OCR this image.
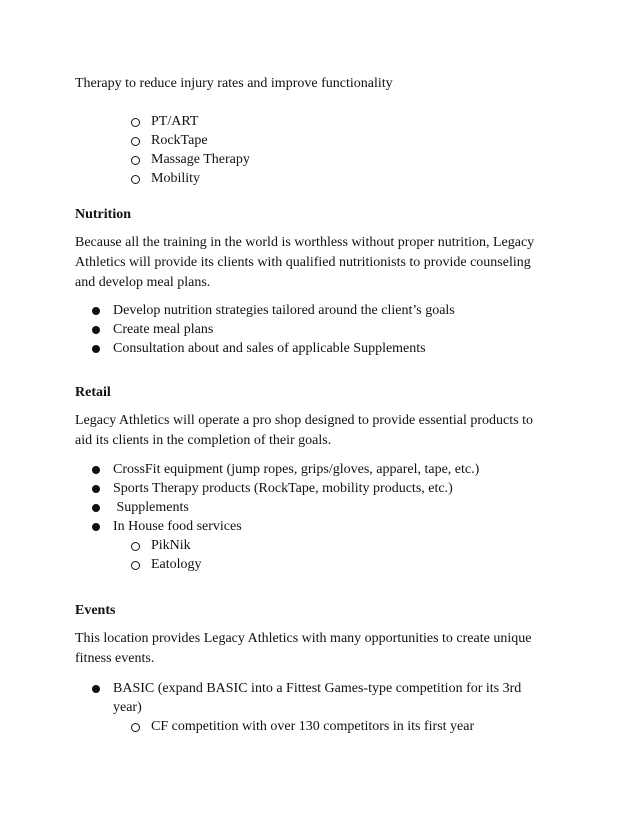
Therapy to reduce injury rates and improve functionality
PT/ART
RockTape
Massage Therapy
Mobility
Nutrition
Because all the training in the world is worthless without proper nutrition, Legacy
Athletics will provide its clients with qualified nutritionists to provide counseling
and develop meal plans.
Develop nutrition strategies tailored around the client’s goals
Create meal plans
Consultation about and sales of applicable Supplements
Retail
Legacy Athletics will operate a pro shop designed to provide essential products to
aid its clients in the completion of their goals.
CrossFit equipment (jump ropes, grips/gloves, apparel, tape, etc.)
Sports Therapy products (RockTape, mobility products, etc.)
Supplements
In House food services
PikNik
Eatology
Events
This location provides Legacy Athletics with many opportunities to create unique
fitness events.
BASIC (expand BASIC into a Fittest Games-type competition for its 3rd
year)
CF competition with over 130 competitors in its first year
